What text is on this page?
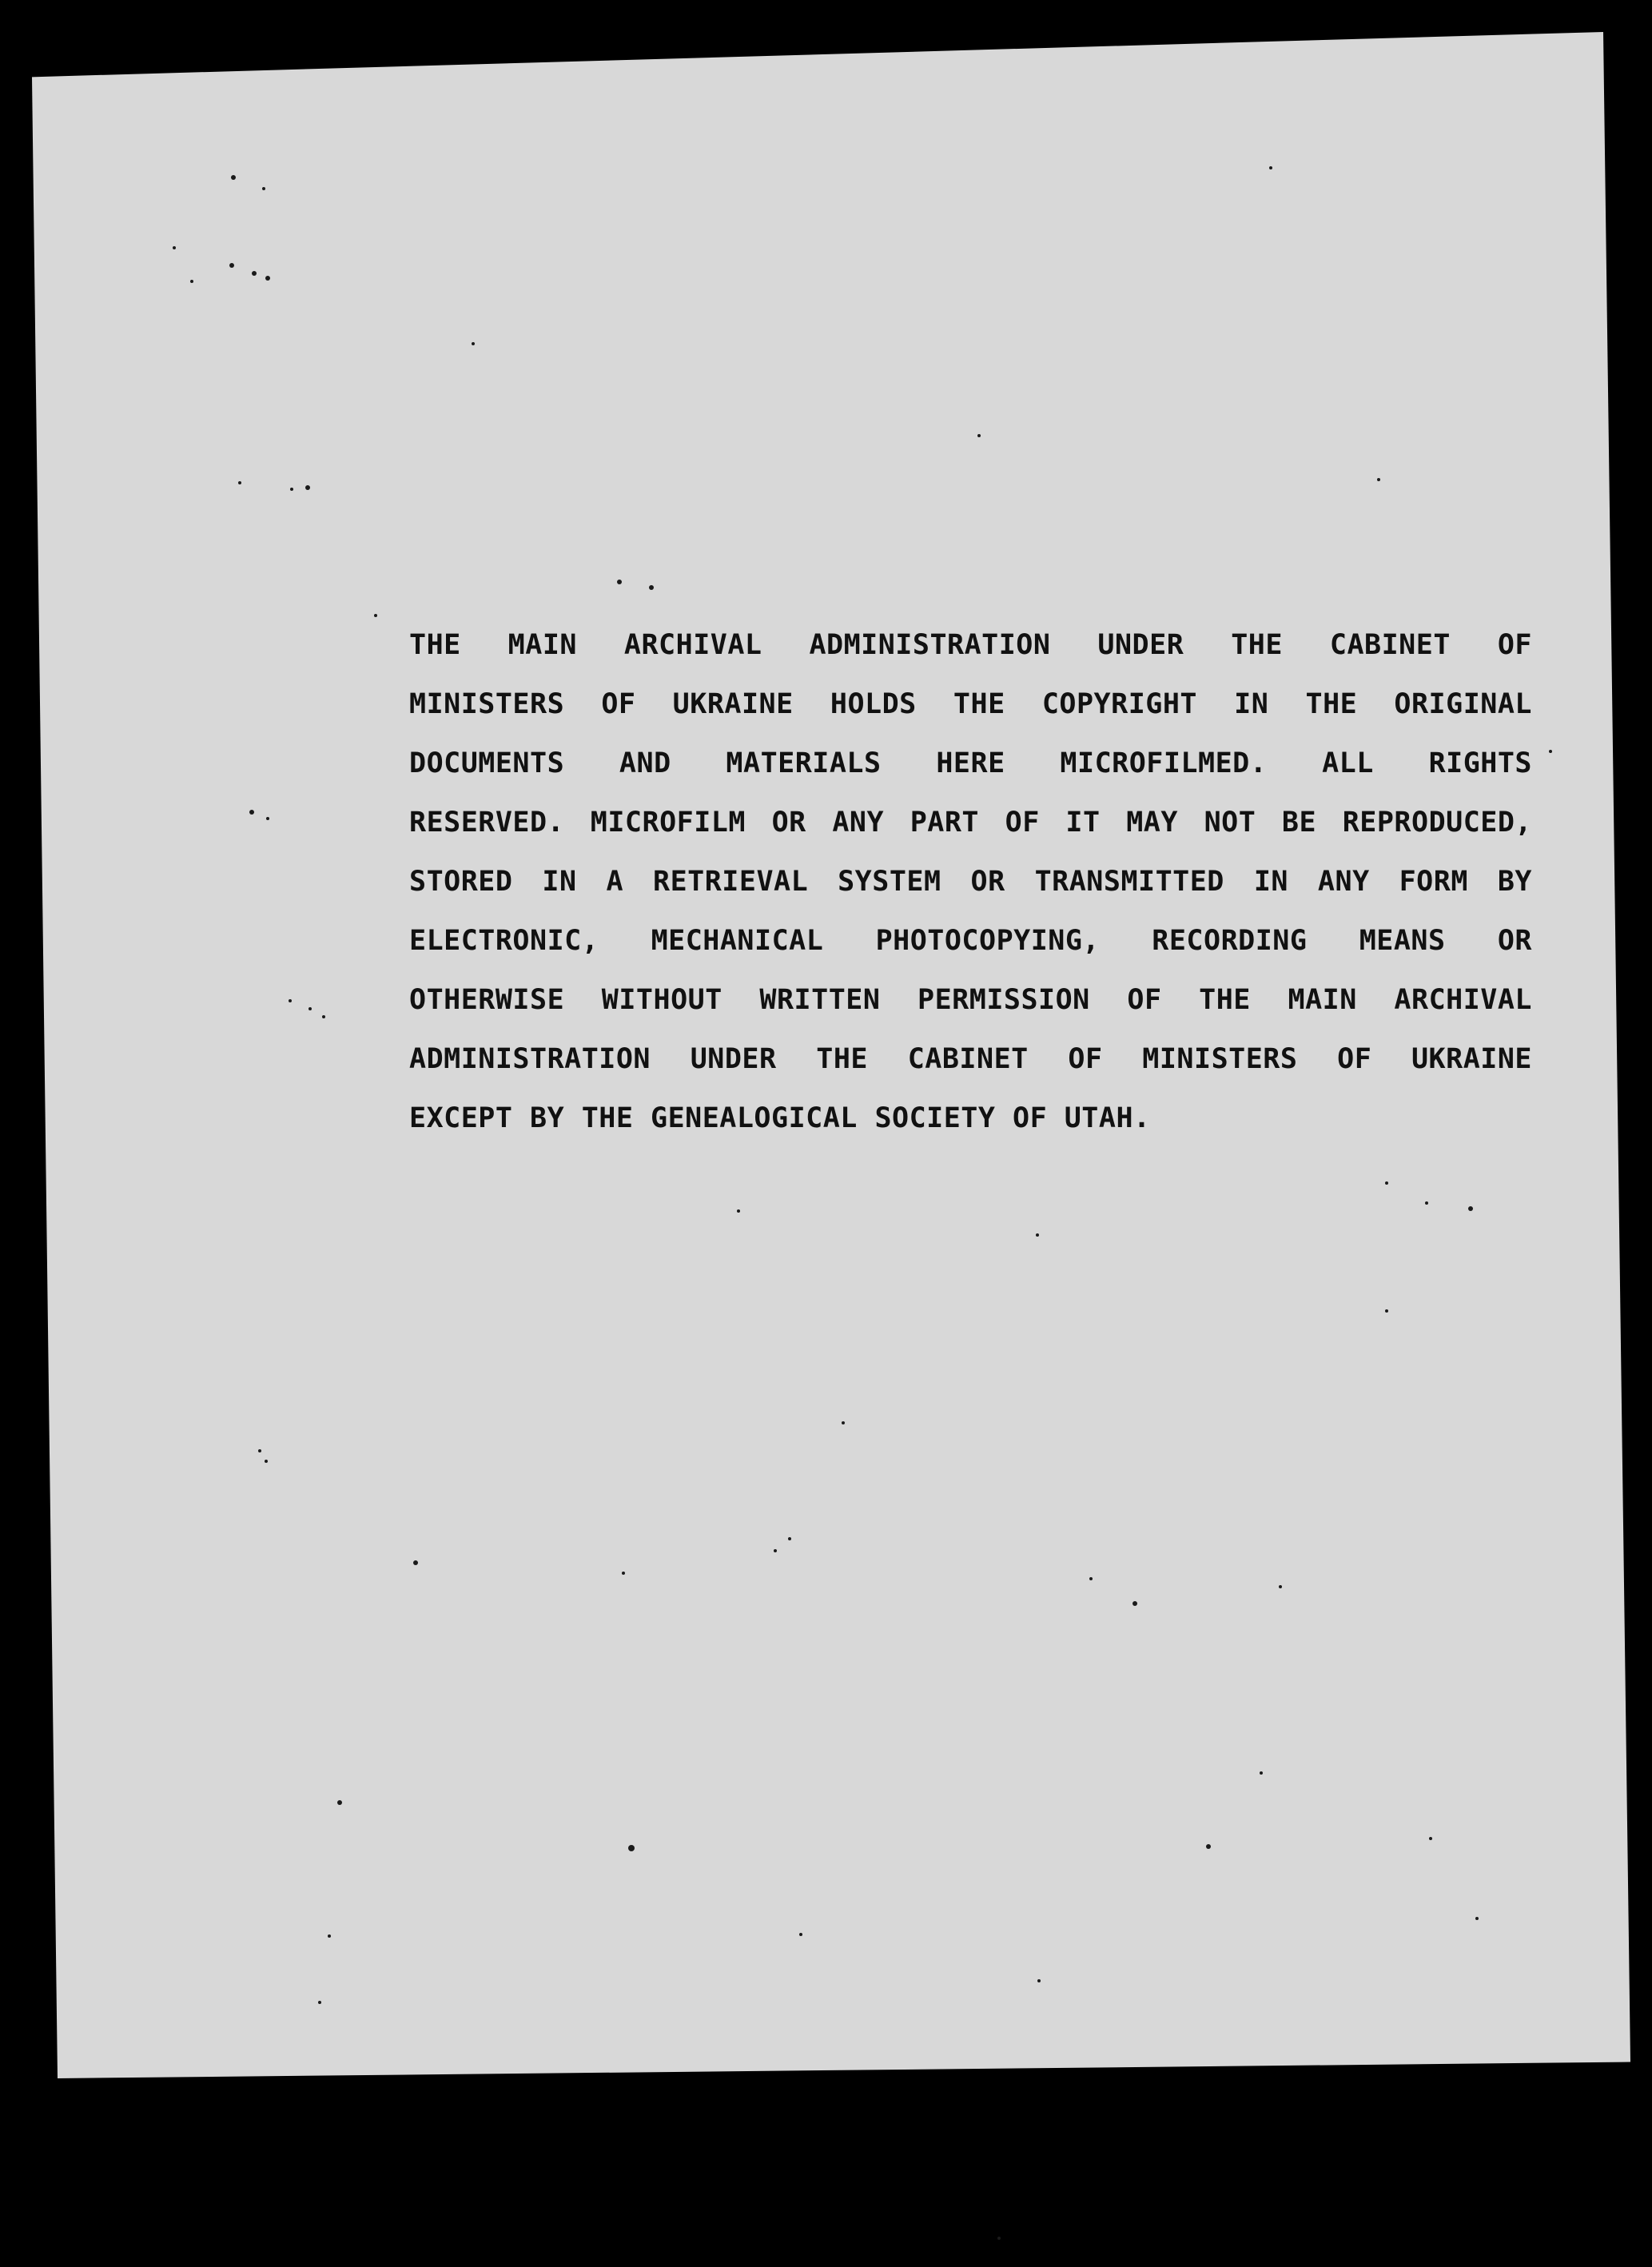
THE MAIN ARCHIVAL ADMINISTRATION UNDER THE CABINET OF
MINISTERS OF UKRAINE HOLDS THE COPYRIGHT IN THE ORIGINAL
DOCUMENTS AND MATERIALS HERE MICROFILMED. ALL RIGHTS
RESERVED. MICROFILM OR ANY PART OF IT MAY NOT BE REPRODUCED,
STORED IN A RETRIEVAL SYSTEM OR TRANSMITTED IN ANY FORM BY
ELECTRONIC, MECHANICAL PHOTOCOPYING, RECORDING MEANS OR
OTHERWISE WITHOUT WRITTEN PERMISSION OF THE MAIN ARCHIVAL
ADMINISTRATION UNDER THE CABINET OF MINISTERS OF UKRAINE
EXCEPT BY THE GENEALOGICAL SOCIETY OF UTAH.
